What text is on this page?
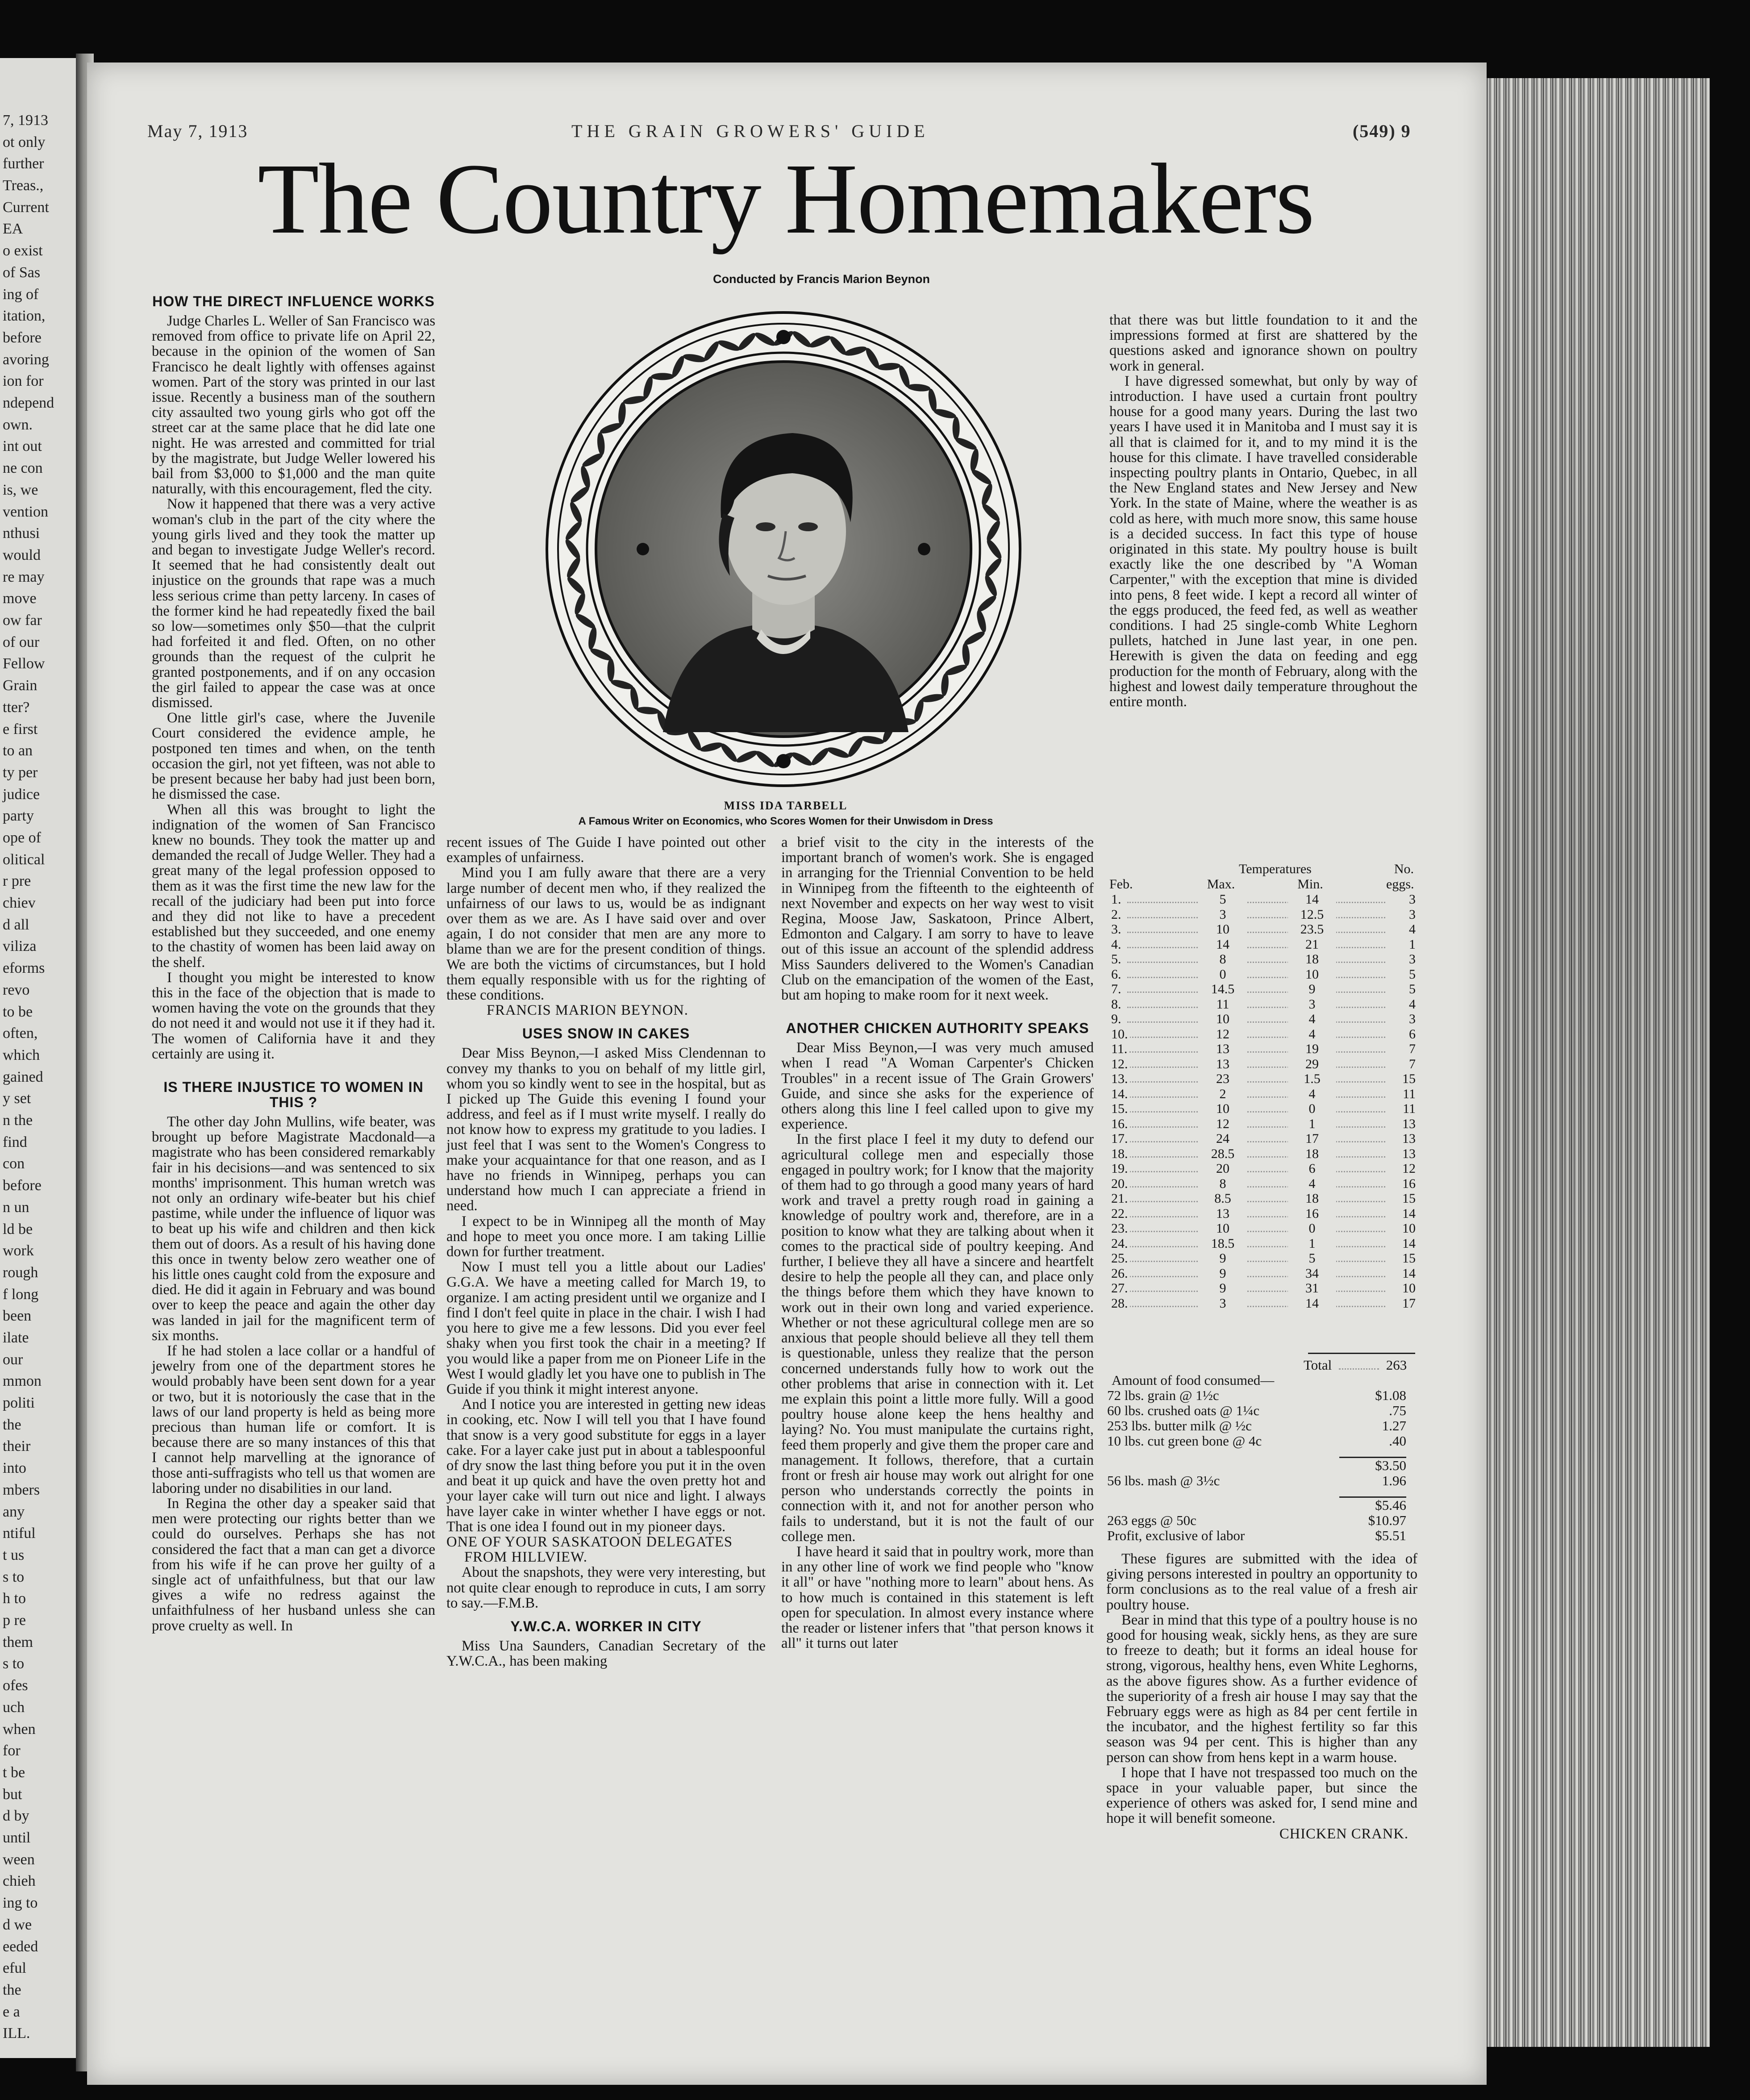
7, 1913
ot only
further
Treas.,
Current
EA
o exist
of Sas
ing of
itation,
before
avoring
ion for
ndepend
own.
int out
ne con
is, we
vention
nthusi
would
re may
move
ow far
of our
Fellow
Grain
tter?
e first
to an
ty per
judice
party
ope of
olitical
r pre
chiev
d all
viliza
eforms
revo
to be
often,
which
gained
y set
n the
find
con
before
n un
ld be
work
rough
f long
been
ilate
our
mmon
politi
the
their
into
mbers
any
ntiful
t us
s to
h to
p re
them
s to
ofes
uch
when
for
t be
but
d by
until
ween
chieh
ing to
d we
eeded
eful
the
e a
ILL.
May 7, 1913	THE GRAIN GROWERS' GUIDE	(549) 9
The Country Homemakers
Conducted by Francis Marion Beynon
HOW THE DIRECT INFLUENCE WORKS

Judge Charles L. Weller of San Francisco was removed from office to private life on April 22, because in the opinion of the women of San Francisco he dealt lightly with offenses against women. Part of the story was printed in our last issue. Recently a business man of the southern city assaulted two young girls who got off the street car at the same place that he did late one night. He was arrested and committed for trial by the magistrate, but Judge Weller lowered his bail from $3,000 to $1,000 and the man quite naturally, with this encouragement, fled the city.

Now it happened that there was a very active woman's club in the part of the city where the young girls lived and they took the matter up and began to investigate Judge Weller's record. It seemed that he had consistently dealt out injustice on the grounds that rape was a much less serious crime than petty larceny. In cases of the former kind he had repeatedly fixed the bail so low—sometimes only $50—that the culprit had forfeited it and fled. Often, on no other grounds than the request of the culprit he granted postponements, and if on any occasion the girl failed to appear the case was at once dismissed.

One little girl's case, where the Juvenile Court considered the evidence ample, he postponed ten times and when, on the tenth occasion the girl, not yet fifteen, was not able to be present because her baby had just been born, he dismissed the case.

When all this was brought to light the indignation of the women of San Francisco knew no bounds. They took the matter up and demanded the recall of Judge Weller. They had a great many of the legal profession opposed to them as it was the first time the new law for the recall of the judiciary had been put into force and they did not like to have a precedent established but they succeeded, and one enemy to the chastity of women has been laid away on the shelf.

I thought you might be interested to know this in the face of the objection that is made to women having the vote on the grounds that they do not need it and would not use it if they had it. The women of California have it and they certainly are using it.

IS THERE INJUSTICE TO WOMEN IN THIS ?

The other day John Mullins, wife beater, was brought up before Magistrate Macdonald—a magistrate who has been considered remarkably fair in his decisions—and was sentenced to six months' imprisonment. This human wretch was not only an ordinary wife-beater but his chief pastime, while under the influence of liquor was to beat up his wife and children and then kick them out of doors. As a result of his having done this once in twenty below zero weather one of his little ones caught cold from the exposure and died. He did it again in February and was bound over to keep the peace and again the other day was landed in jail for the magnificent term of six months.

If he had stolen a lace collar or a handful of jewelry from one of the department stores he would probably have been sent down for a year or two, but it is notoriously the case that in the laws of our land property is held as being more precious than human life or comfort. It is because there are so many instances of this that I cannot help marvelling at the ignorance of those anti-suffragists who tell us that women are laboring under no disabilities in our land.

In Regina the other day a speaker said that men were protecting our rights better than we could do ourselves. Perhaps she has not considered the fact that a man can get a divorce from his wife if he can prove her guilty of a single act of unfaithfulness, but that our law gives a wife no redress against the unfaithfulness of her husband unless she can prove cruelty as well. In

MISS IDA TARBELL
A Famous Writer on Economics, who Scores Women for their Unwisdom in Dress

recent issues of The Guide I have pointed out other examples of unfairness.

Mind you I am fully aware that there are a very large number of decent men who, if they realized the unfairness of our laws to us, would be as indignant over them as we are. As I have said over and over again, I do not consider that men are any more to blame than we are for the present condition of things. We are both the victims of circumstances, but I hold them equally responsible with us for the righting of these conditions.

FRANCIS MARION BEYNON.

USES SNOW IN CAKES

Dear Miss Beynon,—I asked Miss Clendennan to convey my thanks to you on behalf of my little girl, whom you so kindly went to see in the hospital, but as I picked up The Guide this evening I found your address, and feel as if I must write myself. I really do not know how to express my gratitude to you ladies. I just feel that I was sent to the Women's Congress to make your acquaintance for that one reason, and as I have no friends in Winnipeg, perhaps you can understand how much I can appreciate a friend in need.

I expect to be in Winnipeg all the month of May and hope to meet you once more. I am taking Lillie down for further treatment.

Now I must tell you a little about our Ladies' G.G.A. We have a meeting called for March 19, to organize. I am acting president until we organize and I find I don't feel quite in place in the chair. I wish I had you here to give me a few lessons. Did you ever feel shaky when you first took the chair in a meeting? If you would like a paper from me on Pioneer Life in the West I would gladly let you have one to publish in The Guide if you think it might interest anyone.

And I notice you are interested in getting new ideas in cooking, etc. Now I will tell you that I have found that snow is a very good substitute for eggs in a layer cake. For a layer cake just put in about a tablespoonful of dry snow the last thing before you put it in the oven and beat it up quick and have the oven pretty hot and your layer cake will turn out nice and light. I always have layer cake in winter whether I have eggs or not. That is one idea I found out in my pioneer days.

ONE OF YOUR SASKATOON DELEGATES FROM HILLVIEW.

About the snapshots, they were very interesting, but not quite clear enough to reproduce in cuts, I am sorry to say.—F.M.B.

Y.W.C.A. WORKER IN CITY

Miss Una Saunders, Canadian Secretary of the Y.W.C.A., has been making

a brief visit to the city in the interests of the important branch of women's work. She is engaged in arranging for the Triennial Convention to be held in Winnipeg from the fifteenth to the eighteenth of next November and expects on her way west to visit Regina, Moose Jaw, Saskatoon, Prince Albert, Edmonton and Calgary. I am sorry to have to leave out of this issue an account of the splendid address Miss Saunders delivered to the Women's Canadian Club on the emancipation of the women of the East, but am hoping to make room for it next week.

ANOTHER CHICKEN AUTHORITY SPEAKS

Dear Miss Beynon,—I was very much amused when I read "A Woman Carpenter's Chicken Troubles" in a recent issue of The Grain Growers' Guide, and since she asks for the experience of others along this line I feel called upon to give my experience.

In the first place I feel it my duty to defend our agricultural college men and especially those engaged in poultry work; for I know that the majority of them had to go through a good many years of hard work and travel a pretty rough road in gaining a knowledge of poultry work and, therefore, are in a position to know what they are talking about when it comes to the practical side of poultry keeping. And further, I believe they all have a sincere and heartfelt desire to help the people all they can, and place only the things before them which they have known to work out in their own long and varied experience. Whether or not these agricultural college men are so anxious that people should believe all they tell them is questionable, unless they realize that the person concerned understands fully how to work out the other problems that arise in connection with it. Let me explain this point a little more fully. Will a good poultry house alone keep the hens healthy and laying? No. You must manipulate the curtains right, feed them properly and give them the proper care and management. It follows, therefore, that a curtain front or fresh air house may work out alright for one person who understands correctly the points in connection with it, and not for another person who fails to understand, but it is not the fault of our college men.

I have heard it said that in poultry work, more than in any other line of work we find people who "know it all" or have "nothing more to learn" about hens. As to how much is contained in this statement is left open for speculation. In almost every instance where the reader or listener infers that "that person knows it all" it turns out later

that there was but little foundation to it and the impressions formed at first are shattered by the questions asked and ignorance shown on poultry work in general.

I have digressed somewhat, but only by way of introduction. I have used a curtain front poultry house for a good many years. During the last two years I have used it in Manitoba and I must say it is all that is claimed for it, and to my mind it is the house for this climate. I have travelled considerable inspecting poultry plants in Ontario, Quebec, in all the New England states and New Jersey and New York. In the state of Maine, where the weather is as cold as here, with much more snow, this same house is a decided success. In fact this type of house originated in this state. My poultry house is built exactly like the one described by "A Woman Carpenter," with the exception that mine is divided into pens, 8 feet wide. I kept a record all winter of the eggs produced, the feed fed, as well as weather conditions. I had 25 single-comb White Leghorn pullets, hatched in June last year, in one pen. Herewith is given the data on feeding and egg production for the month of February, along with the highest and lowest daily temperature throughout the entire month.

Temperatures	No.
Feb.	Max.	Min.	eggs.
1.	5	14	3
2.	3	12.5	3
3.	10	23.5	4
4.	14	21	1
5.	8	18	3
6.	0	10	5
7.	14.5	9	5
8.	11	3	4
9.	10	4	3
10.	12	4	6
11.	13	19	7
12.	13	29	7
13.	23	1.5	15
14.	2	4	11
15.	10	0	11
16.	12	1	13
17.	24	17	13
18.	28.5	18	13
19.	20	6	12
20.	8	4	16
21.	8.5	18	15
22.	13	16	14
23.	10	0	10
24.	18.5	1	14
25.	9	5	15
26.	9	34	14
27.	9	31	10
28.	3	14	17
Total	263
Amount of food consumed—
72 lbs. grain @ 1½c	$1.08
60 lbs. crushed oats @ 1¼c	.75
253 lbs. butter milk @ ½c	1.27
10 lbs. cut green bone @ 4c	.40
$3.50
56 lbs. mash @ 3½c	1.96
$5.46
263 eggs @ 50c	$10.97
Profit, exclusive of labor	$5.51

These figures are submitted with the idea of giving persons interested in poultry an opportunity to form conclusions as to the real value of a fresh air poultry house.

Bear in mind that this type of a poultry house is no good for housing weak, sickly hens, as they are sure to freeze to death; but it forms an ideal house for strong, vigorous, healthy hens, even White Leghorns, as the above figures show. As a further evidence of the superiority of a fresh air house I may say that the February eggs were as high as 84 per cent fertile in the incubator, and the highest fertility so far this season was 94 per cent. This is higher than any person can show from hens kept in a warm house.

I hope that I have not trespassed too much on the space in your valuable paper, but since the experience of others was asked for, I send mine and hope it will benefit someone.

CHICKEN CRANK.
